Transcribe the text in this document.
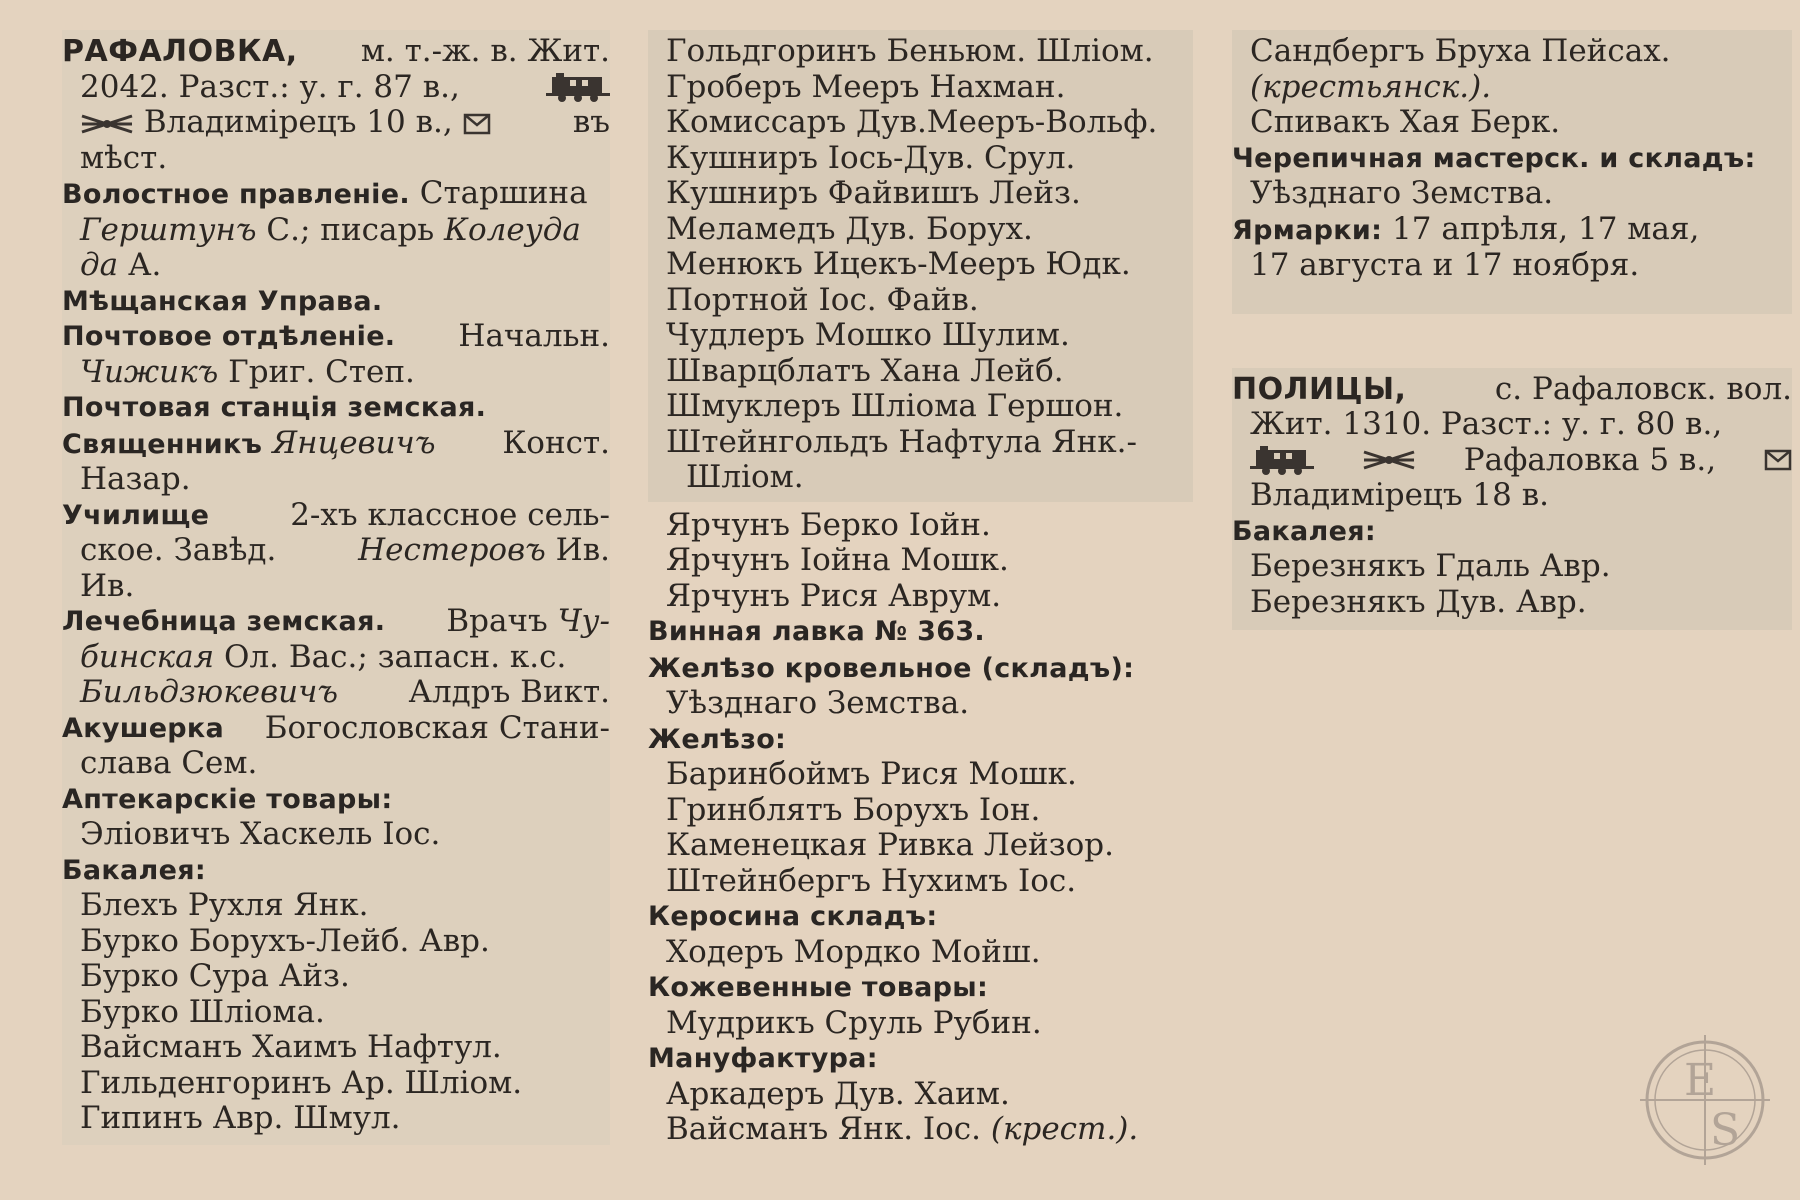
РАФАЛОВКА, м. т.-ж. в. Жит.
2042. Разст.: у. г. 87 в.,
Владимірецъ 10 в.,	въ
мѣст.
Волостное правленіе. Старшина
Герштунъ С.; писарь Колеуда
да А.
Мѣщанская Управа.
Почтовое отдѣленіе. Начальн.
Чижикъ Григ. Степ.
Почтовая станція земская.
Священникъ Янцевичъ Конст.
Назар.
Училище	2-хъ классное сель-
ское. Завѣд.	Нестеровъ Ив.
Ив.
Лечебница земская. Врачъ Чу-
бинская Ол. Вас.; запасн. к.с.
Бильдзюкевичъ Алдръ Викт.
Акушерка Богословская Стани-
слава Сем.
Аптекарскіе товары:
Эліовичъ Хаскель Іос.
Бакалея:
Блехъ Рухля Янк.
Бурко Борухъ-Лейб. Авр.
Бурко Сура Айз.
Бурко Шліома.
Вайсманъ Хаимъ Нафтул.
Гильденгоринъ Ар. Шліом.
Гипинъ Авр. Шмул.
Гольдгоринъ Беньюм. Шліом.
Гроберъ Мееръ Нахман.
Комиссаръ Дув.Мееръ-Вольф.
Кушниръ Іось-Дув. Срул.
Кушниръ Файвишъ Лейз.
Меламедъ Дув. Борух.
Менюкъ Ицекъ-Мееръ Юдк.
Портной Іос. Файв.
Чудлеръ Мошко Шулим.
Шварцблатъ Хана Лейб.
Шмуклеръ Шліома Гершон.
Штейнгольдъ Нафтула Янк.-
Шліом.
Ярчунъ Берко Іойн.
Ярчунъ Іойна Мошк.
Ярчунъ Рися Аврум.
Винная лавка № 363.
Желѣзо кровельное (складъ):
Уѣзднаго Земства.
Желѣзо:
Баринбоймъ Рися Мошк.
Гринблятъ Борухъ Іон.
Каменецкая Ривка Лейзор.
Штейнбергъ Нухимъ Іос.
Керосина складъ:
Ходеръ Мордко Мойш.
Кожевенные товары:
Мудрикъ Сруль Рубин.
Мануфактура:
Аркадеръ Дув. Хаим.
Вайсманъ Янк. Іос. (крест.).
Сандбергъ Бруха Пейсах.
(крестьянск.).
Спивакъ Хая Берк.
Черепичная мастерск. и складъ:
Уѣзднаго Земства.
Ярмарки: 17 апрѣля, 17 мая,
17 августа и 17 ноября.
ПОЛИЦЫ,	с. Рафаловск. вол.
Жит. 1310. Разст.: у. г. 80 в.,
Рафаловка 5 в.,
Владимірецъ 18 в.
Бакалея:
Березнякъ Гдаль Авр.
Березнякъ Дув. Авр.
E
S
